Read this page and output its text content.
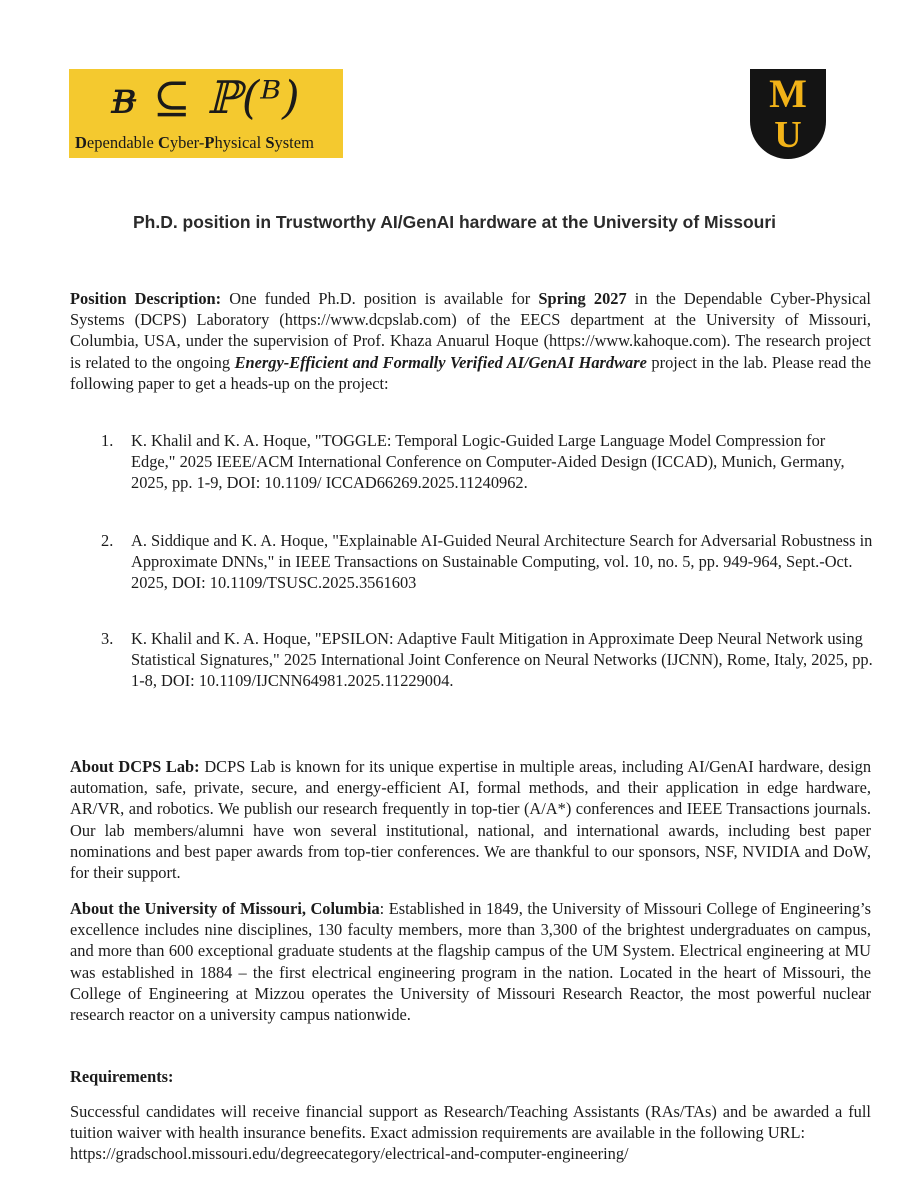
ᴃ ⊆ ℙ(ᴮ)
Dependable Cyber-Physical System
M
U
Ph.D. position in Trustworthy AI/GenAI hardware at the University of Missouri

Position Description: One funded Ph.D. position is available for Spring 2027 in the Dependable Cyber-Physical Systems (DCPS) Laboratory (https://www.dcpslab.com) of the EECS department at the University of Missouri, Columbia, USA, under the supervision of Prof. Khaza Anuarul Hoque (https://www.kahoque.com). The research project is related to the ongoing Energy-Efficient and Formally Verified AI/GenAI Hardware project in the lab. Please read the following paper to get a heads-up on the project:

1. K. Khalil and K. A. Hoque, "TOGGLE: Temporal Logic-Guided Large Language Model Compression for Edge," 2025 IEEE/ACM International Conference on Computer-Aided Design (ICCAD), Munich, Germany, 2025, pp. 1-9, DOI: 10.1109/ ICCAD66269.2025.11240962.
2. A. Siddique and K. A. Hoque, "Explainable AI-Guided Neural Architecture Search for Adversarial Robustness in Approximate DNNs," in IEEE Transactions on Sustainable Computing, vol. 10, no. 5, pp. 949-964, Sept.-Oct. 2025, DOI: 10.1109/TSUSC.2025.3561603
3. K. Khalil and K. A. Hoque, "EPSILON: Adaptive Fault Mitigation in Approximate Deep Neural Network using Statistical Signatures," 2025 International Joint Conference on Neural Networks (IJCNN), Rome, Italy, 2025, pp. 1-8, DOI: 10.1109/IJCNN64981.2025.11229004.

About DCPS Lab: DCPS Lab is known for its unique expertise in multiple areas, including AI/GenAI hardware, design automation, safe, private, secure, and energy-efficient AI, formal methods, and their application in edge hardware, AR/VR, and robotics. We publish our research frequently in top-tier (A/A*) conferences and IEEE Transactions journals. Our lab members/alumni have won several institutional, national, and international awards, including best paper nominations and best paper awards from top-tier conferences. We are thankful to our sponsors, NSF, NVIDIA and DoW, for their support.

About the University of Missouri, Columbia: Established in 1849, the University of Missouri College of Engineering’s excellence includes nine disciplines, 130 faculty members, more than 3,300 of the brightest undergraduates on campus, and more than 600 exceptional graduate students at the flagship campus of the UM System. Electrical engineering at MU was established in 1884 – the first electrical engineering program in the nation. Located in the heart of Missouri, the College of Engineering at Mizzou operates the University of Missouri Research Reactor, the most powerful nuclear research reactor on a university campus nationwide.

Requirements:

Successful candidates will receive financial support as Research/Teaching Assistants (RAs/TAs) and be awarded a full tuition waiver with health insurance benefits. Exact admission requirements are available in the following URL:
https://gradschool.missouri.edu/degreecategory/electrical-and-computer-engineering/
